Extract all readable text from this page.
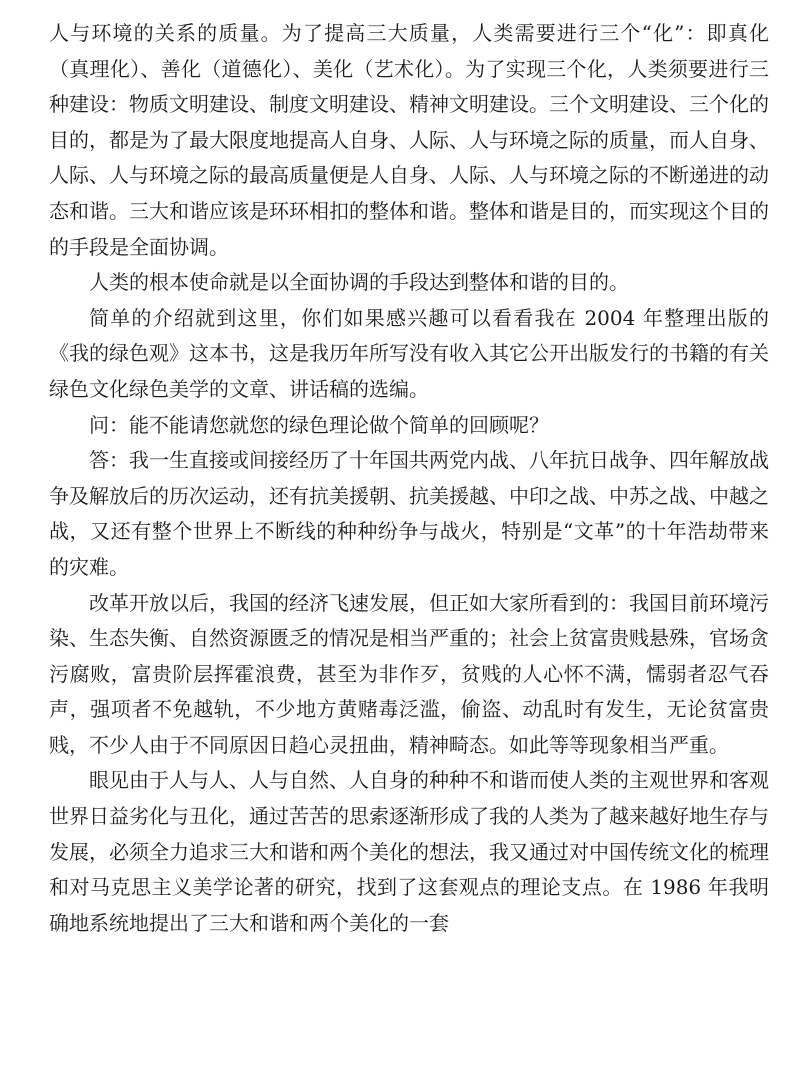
人与环境的关系的质量。为了提高三大质量，人类需要进行三个“化”：即真化（真理化）、善化（道德化）、美化（艺术化）。为了实现三个化，人类须要进行三种建设：物质文明建设、制度文明建设、精神文明建设。三个文明建设、三个化的目的，都是为了最大限度地提高人自身、人际、人与环境之际的质量，而人自身、人际、人与环境之际的最高质量便是人自身、人际、人与环境之际的不断递进的动态和谐。三大和谐应该是环环相扣的整体和谐。整体和谐是目的，而实现这个目的的手段是全面协调。

人类的根本使命就是以全面协调的手段达到整体和谐的目的。

简单的介绍就到这里，你们如果感兴趣可以看看我在 2004 年整理出版的《我的绿色观》这本书，这是我历年所写没有收入其它公开出版发行的书籍的有关绿色文化绿色美学的文章、讲话稿的选编。

问：能不能请您就您的绿色理论做个简单的回顾呢？

答：我一生直接或间接经历了十年国共两党内战、八年抗日战争、四年解放战争及解放后的历次运动，还有抗美援朝、抗美援越、中印之战、中苏之战、中越之战，又还有整个世界上不断线的种种纷争与战火，特别是“文革”的十年浩劫带来的灾难。

改革开放以后，我国的经济飞速发展，但正如大家所看到的：我国目前环境污染、生态失衡、自然资源匮乏的情况是相当严重的；社会上贫富贵贱悬殊，官场贪污腐败，富贵阶层挥霍浪费，甚至为非作歹，贫贱的人心怀不满，懦弱者忍气吞声，强项者不免越轨，不少地方黄赌毒泛滥，偷盗、动乱时有发生，无论贫富贵贱，不少人由于不同原因日趋心灵扭曲，精神畸态。如此等等现象相当严重。

眼见由于人与人、人与自然、人自身的种种不和谐而使人类的主观世界和客观世界日益劣化与丑化，通过苦苦的思索逐渐形成了我的人类为了越来越好地生存与发展，必须全力追求三大和谐和两个美化的想法，我又通过对中国传统文化的梳理和对马克思主义美学论著的研究，找到了这套观点的理论支点。在 1986 年我明确地系统地提出了三大和谐和两个美化的一套
